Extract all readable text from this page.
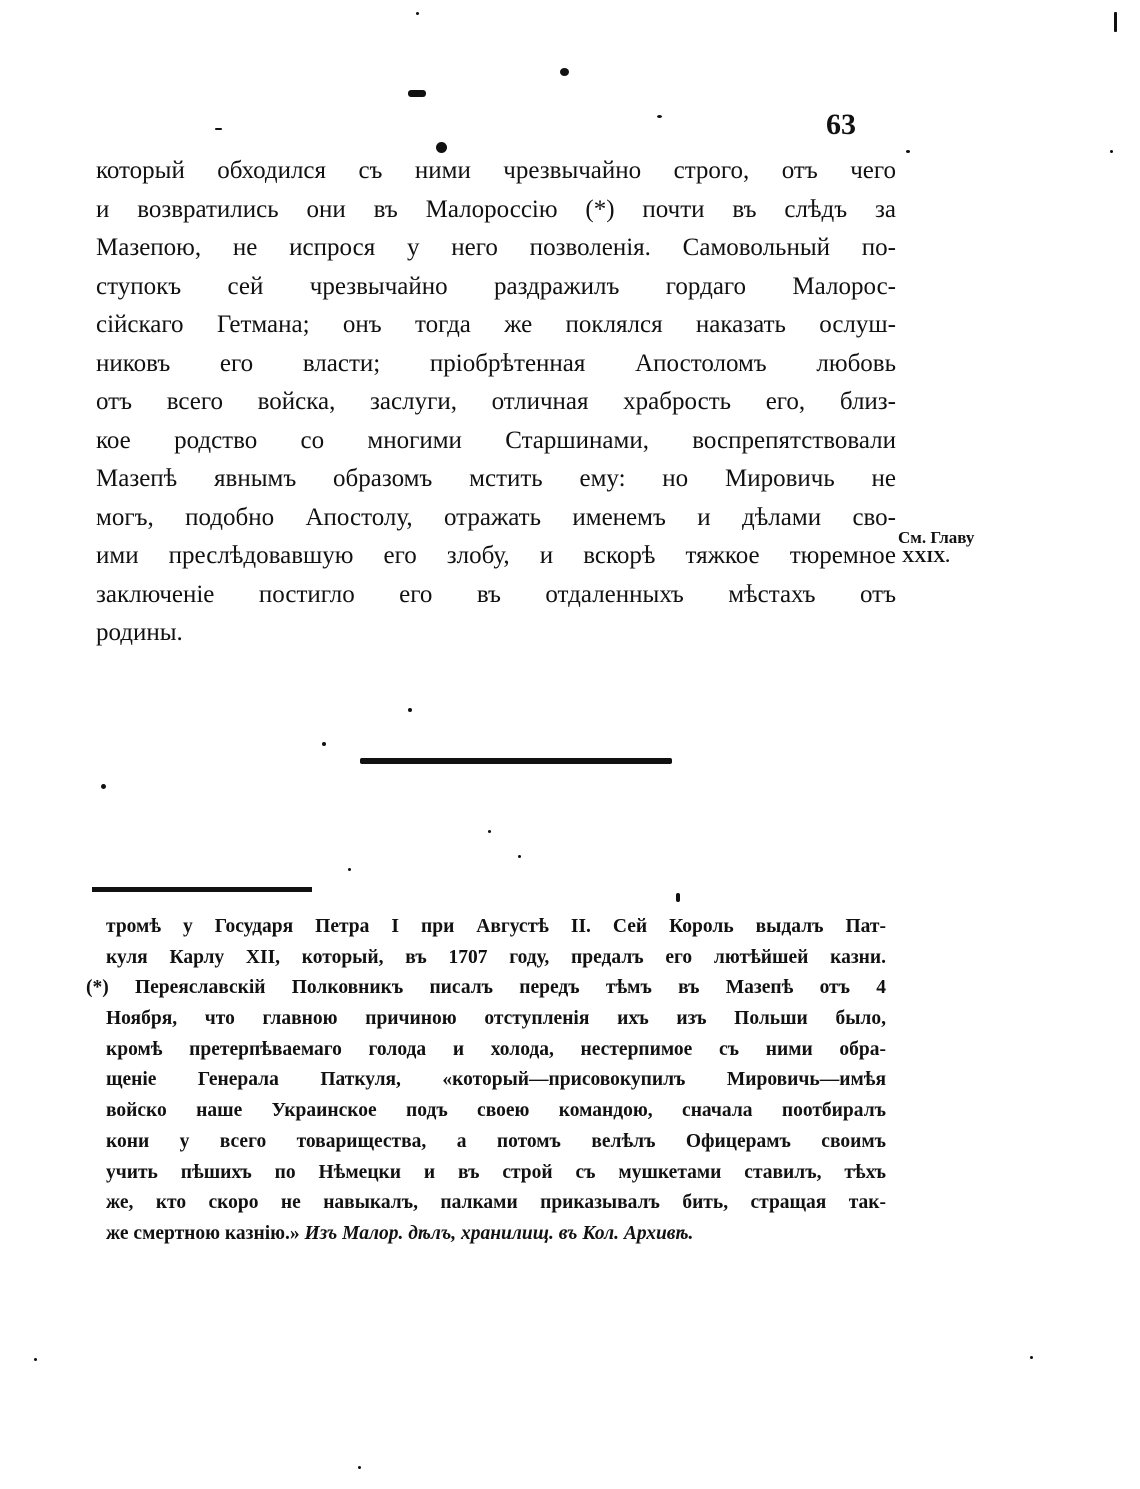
63
который обходился съ ними чрезвычайно строго, отъ чего
и возвратились они въ Малороссію (*) почти въ слѣдъ за
Мазепою, не испрося у него позволенія. Самовольный по-
ступокъ сей чрезвычайно раздражилъ гордаго Малорос-
сійскаго Гетмана; онъ тогда же поклялся наказать ослуш-
никовъ его власти; пріобрѣтенная Апостоломъ любовь
отъ всего войска, заслуги, отличная храбрость его, близ-
кое родство со многими Старшинами, воспрепятствовали
Мазепѣ явнымъ образомъ мстить ему: но Мировичь не
могъ, подобно Апостолу, отражать именемъ и дѣлами сво-
ими преслѣдовавшую его злобу, и вскорѣ тяжкое тюремное
заключеніе постигло его въ отдаленныхъ мѣстахъ отъ
родины.
См. Главу
XXIX.
тромѣ у Государя Петра I при Августѣ II. Сей Король выдалъ Пат-
куля Карлу XII, который, въ 1707 году, предалъ его лютѣйшей казни.
(*) Переяславскій Полковникъ писалъ передъ тѣмъ въ Мазепѣ отъ 4
Ноября, что главною причиною отступленія ихъ изъ Польши было,
кромѣ претерпѣваемаго голода и холода, нестерпимое съ ними обра-
щеніе Генерала Паткуля, «который—присовокупилъ Мировичь—имѣя
войско наше Украинское подъ своею командою, сначала поотбиралъ
кони у всего товарищества, а потомъ велѣлъ Офицерамъ своимъ
учить пѣшихъ по Нѣмецки и въ строй съ мушкетами ставилъ, тѣхъ
же, кто скоро не навыкалъ, палками приказывалъ бить, стращая так-
же смертною казнію.» Изъ Малор. дѣлъ, хранилищ. въ Кол. Архивѣ.
